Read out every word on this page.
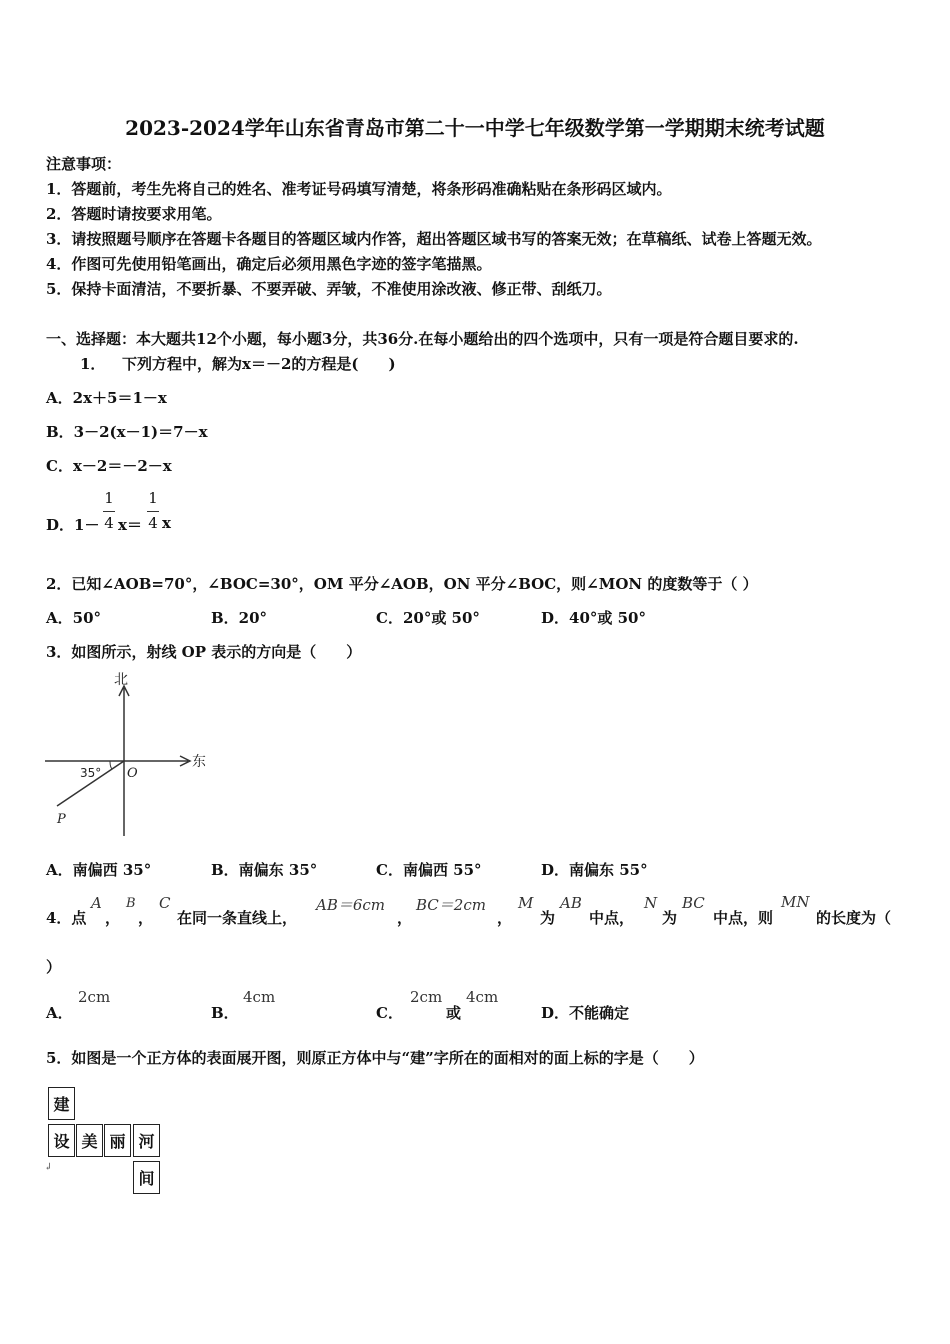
2023-2024学年山东省青岛市第二十一中学七年级数学第一学期期末统考试题
注意事项：
1．答题前，考生先将自己的姓名、准考证号码填写清楚，将条形码准确粘贴在条形码区域内。
2．答题时请按要求用笔。
3．请按照题号顺序在答题卡各题目的答题区域内作答，超出答题区域书写的答案无效；在草稿纸、试卷上答题无效。
4．作图可先使用铅笔画出，确定后必须用黑色字迹的签字笔描黑。
5．保持卡面清洁，不要折暴、不要弄破、弄皱，不准使用涂改液、修正带、刮纸刀。
一、选择题：本大题共12个小题，每小题3分，共36分.在每小题给出的四个选项中，只有一项是符合题目要求的.
1． 下列方程中，解为x＝－2的方程是(　　)
A．2x＋5＝1－x
B．3－2(x－1)＝7－x
C．x－2＝－2－x
D．1－
1
4 x＝
1
4 x
2．已知∠AOB=70°，∠BOC=30°，OM 平分∠AOB，ON 平分∠BOC，则∠MON 的度数等于（ ）
A．50°	B．20°	C．20°或 50°	D．40°或 50°
3．如图所示，射线 OP 表示的方向是（　　）
北
东
35° O
P
A．南偏西 35°	B．南偏东 35°	C．南偏西 55°	D．南偏东 55°
4．点
A
，
B
，
C
在同一条直线上，
AB＝6cm
，
BC＝2cm
，
M
为
AB
中点，
N
为
BC
中点，则
MN
的长度为（
）
A．
2cm
B．
4cm
C．
2cm
或
4cm
D．不能确定
5．如图是一个正方体的表面展开图，则原正方体中与“建”字所在的面相对的面上标的字是（　　）
建
设 美 丽 河
间
↲
